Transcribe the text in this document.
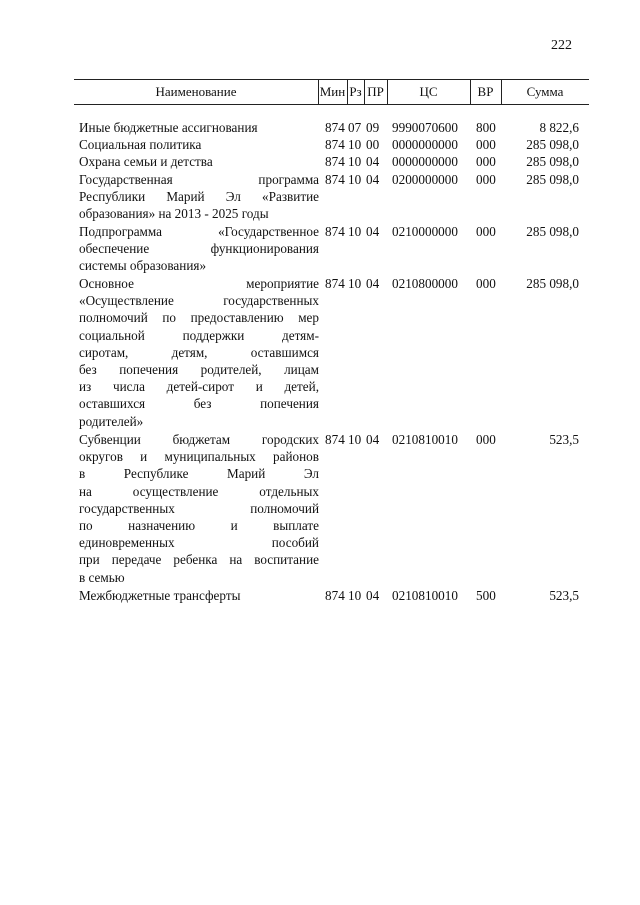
222
Наименование	Мин Рз ПР	ЦС	ВР	Сумма
Иные бюджетные ассигнования	874 07 09 9990070600 800	8 822,6
Социальная политика	874 10 00 0000000000 000	285 098,0
Охрана семьи и детства	874 10 04 0000000000 000	285 098,0
Государственная программа
Республики Марий Эл «Развитие
образования» на 2013 - 2025 годы
874 10 04 0200000000 000	285 098,0
Подпрограмма «Государственное
обеспечение функционирования
системы образования»
874 10 04 0210000000 000	285 098,0
Основное мероприятие
«Осуществление государственных
полномочий по предоставлению мер
социальной поддержки детям-
сиротам, детям, оставшимся
без попечения родителей, лицам
из числа детей-сирот и детей,
оставшихся без попечения
родителей»
874 10 04 0210800000 000	285 098,0
Субвенции бюджетам городских
округов и муниципальных районов
в Республике Марий Эл
на осуществление отдельных
государственных полномочий
по назначению и выплате
единовременных пособий
при передаче ребенка на воспитание
в семью
874 10 04 0210810010 000	523,5
Межбюджетные трансферты	874 10 04 0210810010 500	523,5
